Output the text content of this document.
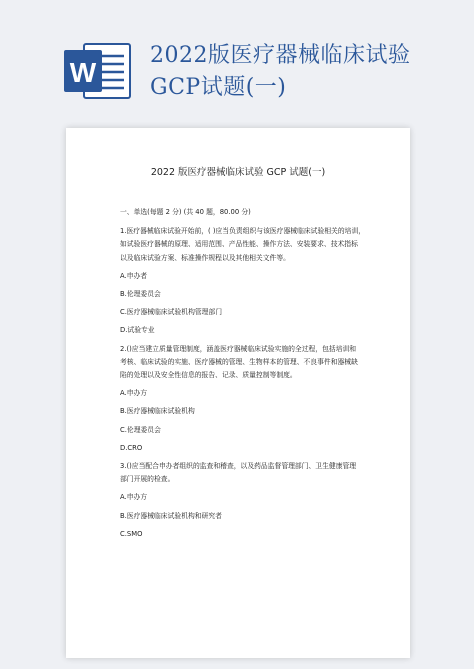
W
2022版医疗器械临床试验
GCP试题(一)
2022 版医疗器械临床试验 GCP 试题(一)
一、单选(每题 2 分) (共 40 题，80.00 分)
1.医疗器械临床试验开始前，( )应当负责组织与该医疗器械临床试验相关的培训，
如试验医疗器械的原理、适用范围、产品性能、操作方法、安装要求、技术指标
以及临床试验方案、标准操作规程以及其他相关文件等。
A.申办者
B.伦理委员会
C.医疗器械临床试验机构管理部门
D.试验专业
2.()应当建立质量管理制度，涵盖医疗器械临床试验实施的全过程，包括培训和
考核、临床试验的实施、医疗器械的管理、生物样本的管理、不良事件和器械缺
陷的处理以及安全性信息的报告、记录、质量控制等制度。
A.申办方
B.医疗器械临床试验机构
C.伦理委员会
D.CRO
3.()应当配合申办者组织的监查和稽查，以及药品监督管理部门、卫生健康管理
部门开展的检查。
A.申办方
B.医疗器械临床试验机构和研究者
C.SMO
